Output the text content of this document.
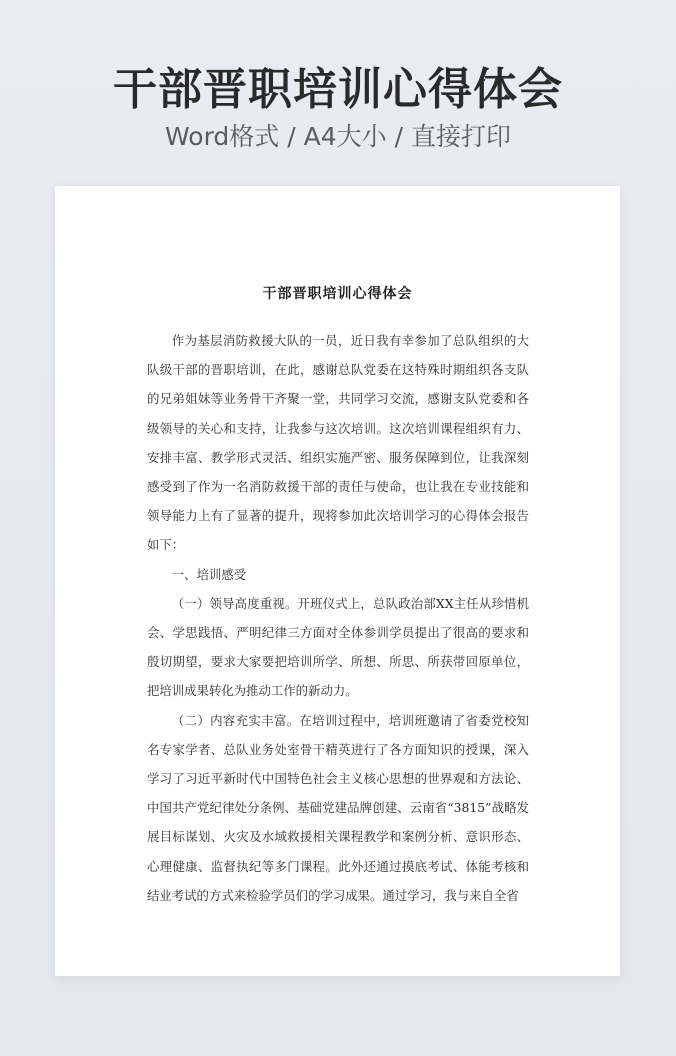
干部晋职培训心得体会
Word格式 / A4大小 / 直接打印
干部晋职培训心得体会

作为基层消防救援大队的一员，近日我有幸参加了总队组织的大队级干部的晋职培训，在此，感谢总队党委在这特殊时期组织各支队的兄弟姐妹等业务骨干齐聚一堂，共同学习交流，感谢支队党委和各级领导的关心和支持，让我参与这次培训。这次培训课程组织有力、安排丰富、教学形式灵活、组织实施严密、服务保障到位，让我深刻感受到了作为一名消防救援干部的责任与使命，也让我在专业技能和领导能力上有了显著的提升，现将参加此次培训学习的心得体会报告如下：

一、培训感受

（一）领导高度重视。开班仪式上，总队政治部XX主任从珍惜机会、学思践悟、严明纪律三方面对全体参训学员提出了很高的要求和殷切期望，要求大家要把培训所学、所想、所思、所获带回原单位，把培训成果转化为推动工作的新动力。

（二）内容充实丰富。在培训过程中，培训班邀请了省委党校知名专家学者、总队业务处室骨干精英进行了各方面知识的授课，深入学习了习近平新时代中国特色社会主义核心思想的世界观和方法论、中国共产党纪律处分条例、基础党建品牌创建、云南省“3815”战略发展目标谋划、火灾及水域救援相关课程教学和案例分析、意识形态、心理健康、监督执纪等多门课程。此外还通过摸底考试、体能考核和结业考试的方式来检验学员们的学习成果。通过学习，我与来自全省
